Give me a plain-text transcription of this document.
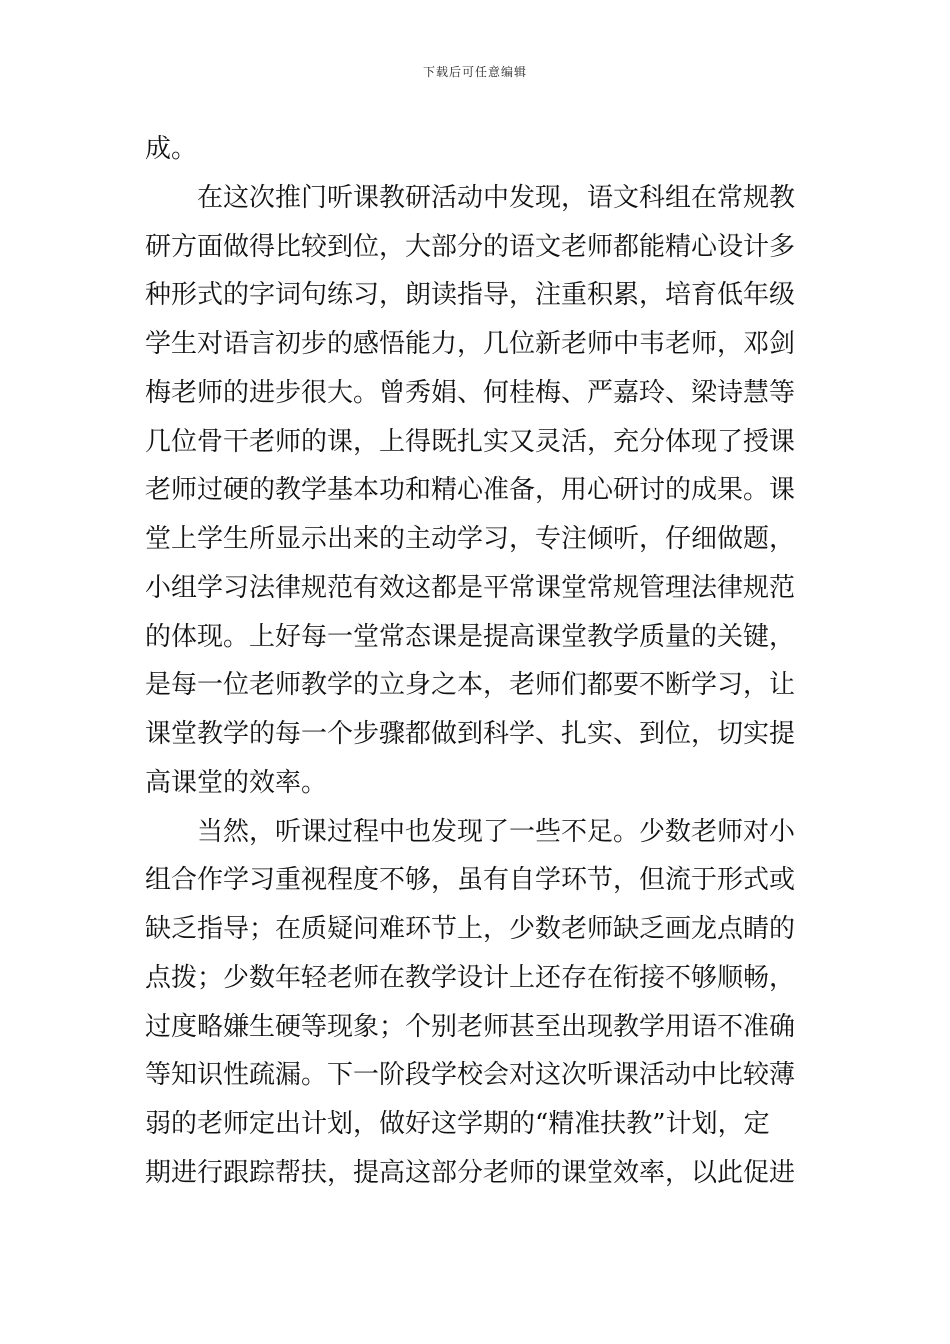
下载后可任意编辑
成。
在这次推门听课教研活动中发现，语文科组在常规教
研方面做得比较到位，大部分的语文老师都能精心设计多
种形式的字词句练习，朗读指导，注重积累，培育低年级
学生对语言初步的感悟能力，几位新老师中韦老师，邓剑
梅老师的进步很大。曾秀娟、何桂梅、严嘉玲、梁诗慧等
几位骨干老师的课，上得既扎实又灵活，充分体现了授课
老师过硬的教学基本功和精心准备，用心研讨的成果。课
堂上学生所显示出来的主动学习，专注倾听，仔细做题，
小组学习法律规范有效这都是平常课堂常规管理法律规范
的体现。上好每一堂常态课是提高课堂教学质量的关键，
是每一位老师教学的立身之本，老师们都要不断学习，让
课堂教学的每一个步骤都做到科学、扎实、到位，切实提
高课堂的效率。
当然，听课过程中也发现了一些不足。少数老师对小
组合作学习重视程度不够，虽有自学环节，但流于形式或
缺乏指导；在质疑问难环节上，少数老师缺乏画龙点睛的
点拨；少数年轻老师在教学设计上还存在衔接不够顺畅，
过度略嫌生硬等现象；个别老师甚至出现教学用语不准确
等知识性疏漏。下一阶段学校会对这次听课活动中比较薄
弱的老师定出计划，做好这学期的“精准扶教”计划，定
期进行跟踪帮扶，提高这部分老师的课堂效率，以此促进
